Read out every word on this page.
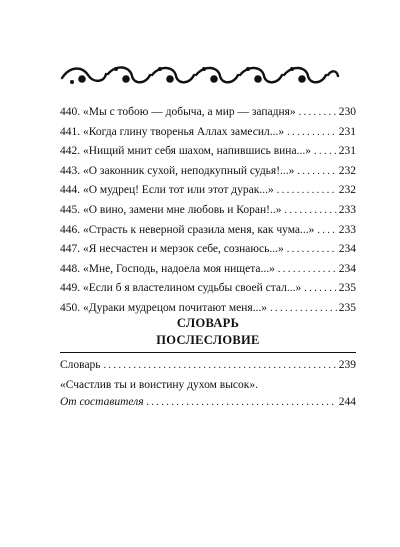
440. «Мы с тобою — добыча, а мир — западня» . . .	230
441. «Когда глину творенья Аллах замесил...» . . .	231
442. «Нищий мнит себя шахом, напившись вина...» . . . 231
443. «О законник сухой, неподкупный судья!...» . . .	232
444. «О мудрец! Если тот или этот дурак...» . . .	232
445. «О вино, замени мне любовь и Коран!..» . . .	233
446. «Страсть к неверной сразила меня, как чума...» . . . 233
447. «Я несчастен и мерзок себе, сознаюсь...» . . .	234
448. «Мне, Господь, надоела моя нищета...» . . .	234
449. «Если б я властелином судьбы своей стал...» . . .	235
450. «Дураки мудрецом почитают меня...» . . .	235
СЛОВАРЬ
ПОСЛЕСЛОВИЕ
Словарь . . .	239
«Счастлив ты и воистину духом высок».
От составителя . . .	244
